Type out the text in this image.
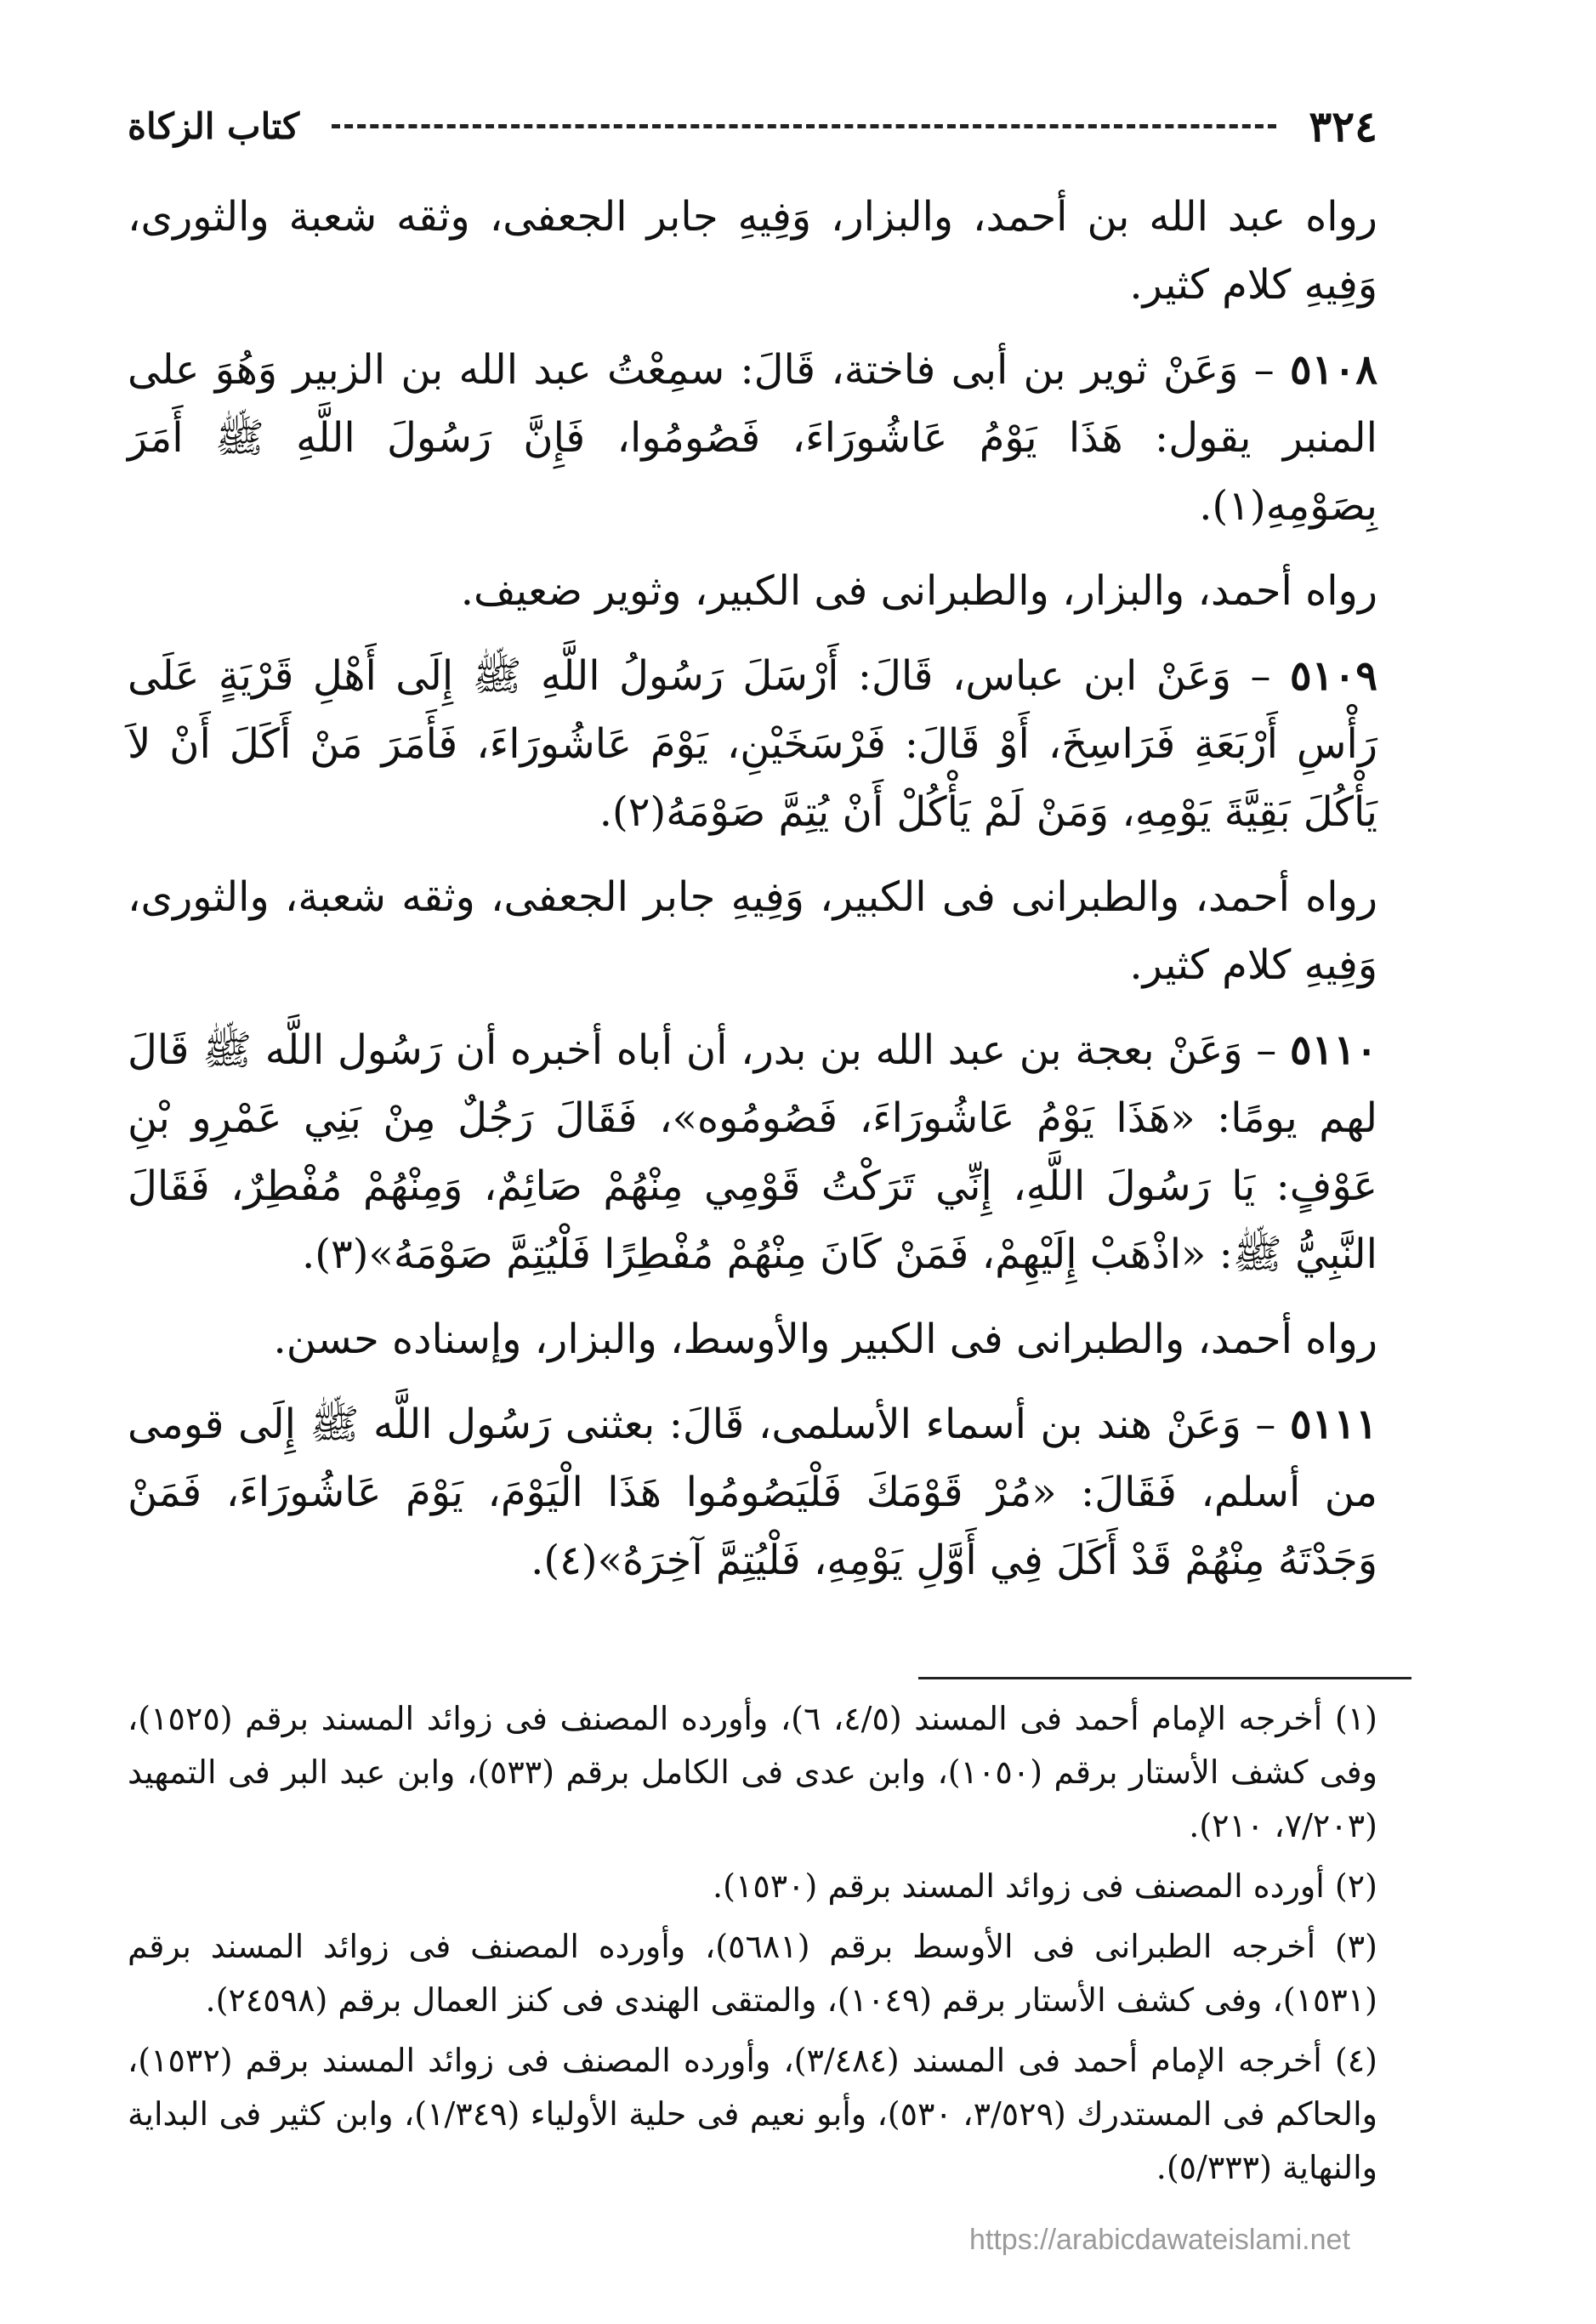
٣٢٤
كتاب الزكاة

رواه عبد الله بن أحمد، والبزار، وَفِيهِ جابر الجعفى، وثقه شعبة والثورى، وَفِيهِ كلام كثير.

٥١٠٨ – وَعَنْ ثوير بن أبى فاختة، قَالَ: سمِعْتُ عبد الله بن الزبير وَهُوَ على المنبر يقول: هَذَا يَوْمُ عَاشُورَاءَ، فَصُومُوا، فَإِنَّ رَسُولَ اللَّهِ ﷺ أَمَرَ بِصَوْمِهِ(١).

رواه أحمد، والبزار، والطبرانى فى الكبير، وثوير ضعيف.

٥١٠٩ – وَعَنْ ابن عباس، قَالَ: أَرْسَلَ رَسُولُ اللَّهِ ﷺ إِلَى أَهْلِ قَرْيَةٍ عَلَى رَأْسِ أَرْبَعَةِ فَرَاسِخَ، أَوْ قَالَ: فَرْسَخَيْنِ، يَوْمَ عَاشُورَاءَ، فَأَمَرَ مَنْ أَكَلَ أَنْ لاَ يَأْكُلَ بَقِيَّةَ يَوْمِهِ، وَمَنْ لَمْ يَأْكُلْ أَنْ يُتِمَّ صَوْمَهُ(٢).

رواه أحمد، والطبرانى فى الكبير، وَفِيهِ جابر الجعفى، وثقه شعبة، والثورى، وَفِيهِ كلام كثير.

٥١١٠ – وَعَنْ بعجة بن عبد الله بن بدر، أن أباه أخبره أن رَسُول اللَّه ﷺ قَالَ لهم يومًا: «هَذَا يَوْمُ عَاشُورَاءَ، فَصُومُوه»، فَقَالَ رَجُلٌ مِنْ بَنِي عَمْرِو بْنِ عَوْفٍ: يَا رَسُولَ اللَّهِ، إِنِّي تَرَكْتُ قَوْمِي مِنْهُمْ صَائِمٌ، وَمِنْهُمْ مُفْطِرٌ، فَقَالَ النَّبِيُّ ﷺ: «اذْهَبْ إِلَيْهِمْ، فَمَنْ كَانَ مِنْهُمْ مُفْطِرًا فَلْيُتِمَّ صَوْمَهُ»(٣).

رواه أحمد، والطبرانى فى الكبير والأوسط، والبزار، وإسناده حسن.

٥١١١ – وَعَنْ هند بن أسماء الأسلمى، قَالَ: بعثنى رَسُول اللَّه ﷺ إِلَى قومى من أسلم، فَقَالَ: «مُرْ قَوْمَكَ فَلْيَصُومُوا هَذَا الْيَوْمَ، يَوْمَ عَاشُورَاءَ، فَمَنْ وَجَدْتَهُ مِنْهُمْ قَدْ أَكَلَ فِي أَوَّلِ يَوْمِهِ، فَلْيُتِمَّ آخِرَهُ»(٤).

(١) أخرجه الإمام أحمد فى المسند (٤/٥، ٦)، وأورده المصنف فى زوائد المسند برقم (١٥٢٥)، وفى كشف الأستار برقم (١٠٥٠)، وابن عدى فى الكامل برقم (٥٣٣)، وابن عبد البر فى التمهيد (٧/٢٠٣، ٢١٠).

(٢) أورده المصنف فى زوائد المسند برقم (١٥٣٠).

(٣) أخرجه الطبرانى فى الأوسط برقم (٥٦٨١)، وأورده المصنف فى زوائد المسند برقم (١٥٣١)، وفى كشف الأستار برقم (١٠٤٩)، والمتقى الهندى فى كنز العمال برقم (٢٤٥٩٨).

(٤) أخرجه الإمام أحمد فى المسند (٣/٤٨٤)، وأورده المصنف فى زوائد المسند برقم (١٥٣٢)، والحاكم فى المستدرك (٣/٥٢٩، ٥٣٠)، وأبو نعيم فى حلية الأولياء (١/٣٤٩)، وابن كثير فى البداية والنهاية (٥/٣٣٣).

https://arabicdawateislami.net
